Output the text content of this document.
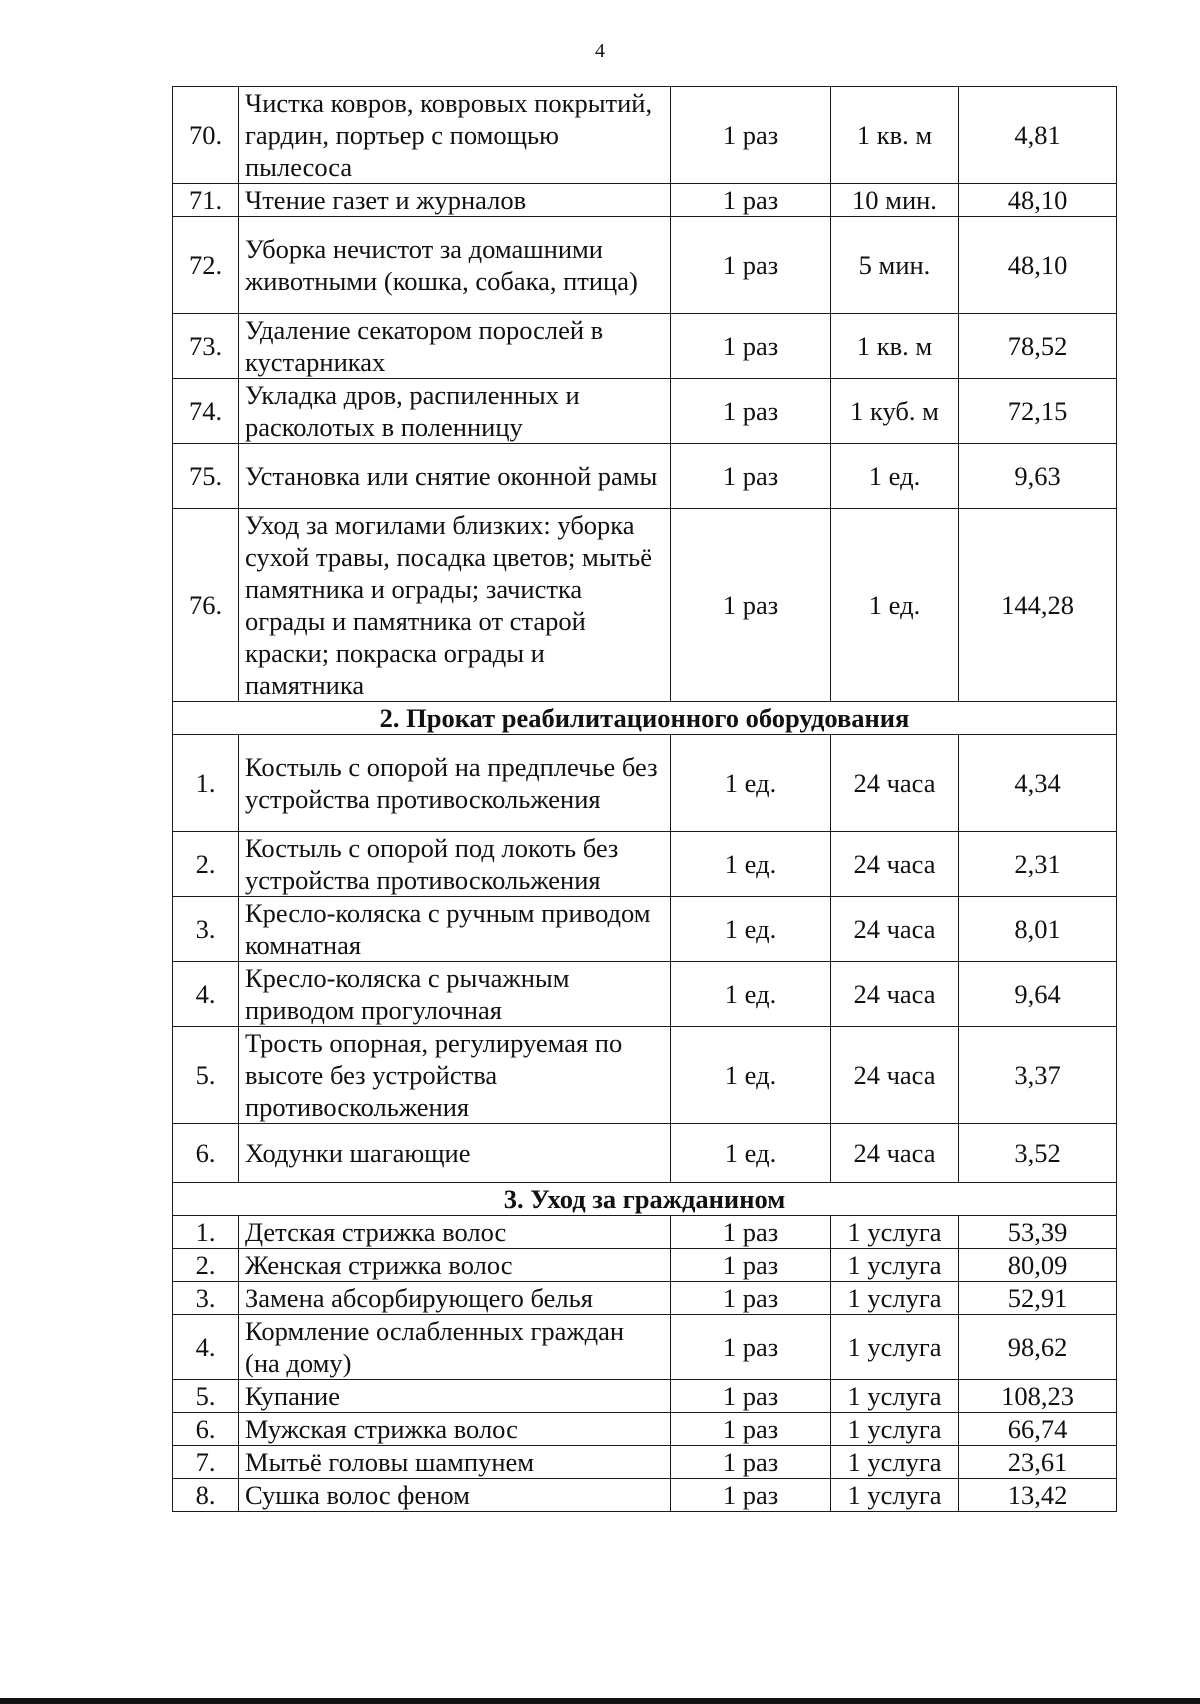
4
70.	Чистка ковров, ковровых покрытий, гардин, портьер с помощью пылесоса	1 раз	1 кв. м	4,81
71.	Чтение газет и журналов	1 раз	10 мин.	48,10
72.	Уборка нечистот за домашними животными (кошка, собака, птица)	1 раз	5 мин.	48,10
73.	Удаление секатором порослей в кустарниках	1 раз	1 кв. м	78,52
74.	Укладка дров, распиленных и расколотых в поленницу	1 раз	1 куб. м	72,15
75.	Установка или снятие оконной рамы	1 раз	1 ед.	9,63
76.	Уход за могилами близких: уборка сухой травы, посадка цветов; мытьё памятника и ограды; зачистка ограды и памятника от старой краски; покраска ограды и памятника	1 раз	1 ед.	144,28
2. Прокат реабилитационного оборудования				
1.	Костыль с опорой на предплечье без устройства противоскольжения	1 ед.	24 часа	4,34
2.	Костыль с опорой под локоть без устройства противоскольжения	1 ед.	24 часа	2,31
3.	Кресло-коляска с ручным приводом комнатная	1 ед.	24 часа	8,01
4.	Кресло-коляска с рычажным приводом прогулочная	1 ед.	24 часа	9,64
5.	Трость опорная, регулируемая по высоте без устройства противоскольжения	1 ед.	24 часа	3,37
6.	Ходунки шагающие	1 ед.	24 часа	3,52
3. Уход за гражданином				
1.	Детская стрижка волос	1 раз	1 услуга	53,39
2.	Женская стрижка волос	1 раз	1 услуга	80,09
3.	Замена абсорбирующего белья	1 раз	1 услуга	52,91
4.	Кормление ослабленных граждан (на дому)	1 раз	1 услуга	98,62
5.	Купание	1 раз	1 услуга	108,23
6.	Мужская стрижка волос	1 раз	1 услуга	66,74
7.	Мытьё головы шампунем	1 раз	1 услуга	23,61
8.	Сушка волос феном	1 раз	1 услуга	13,42
